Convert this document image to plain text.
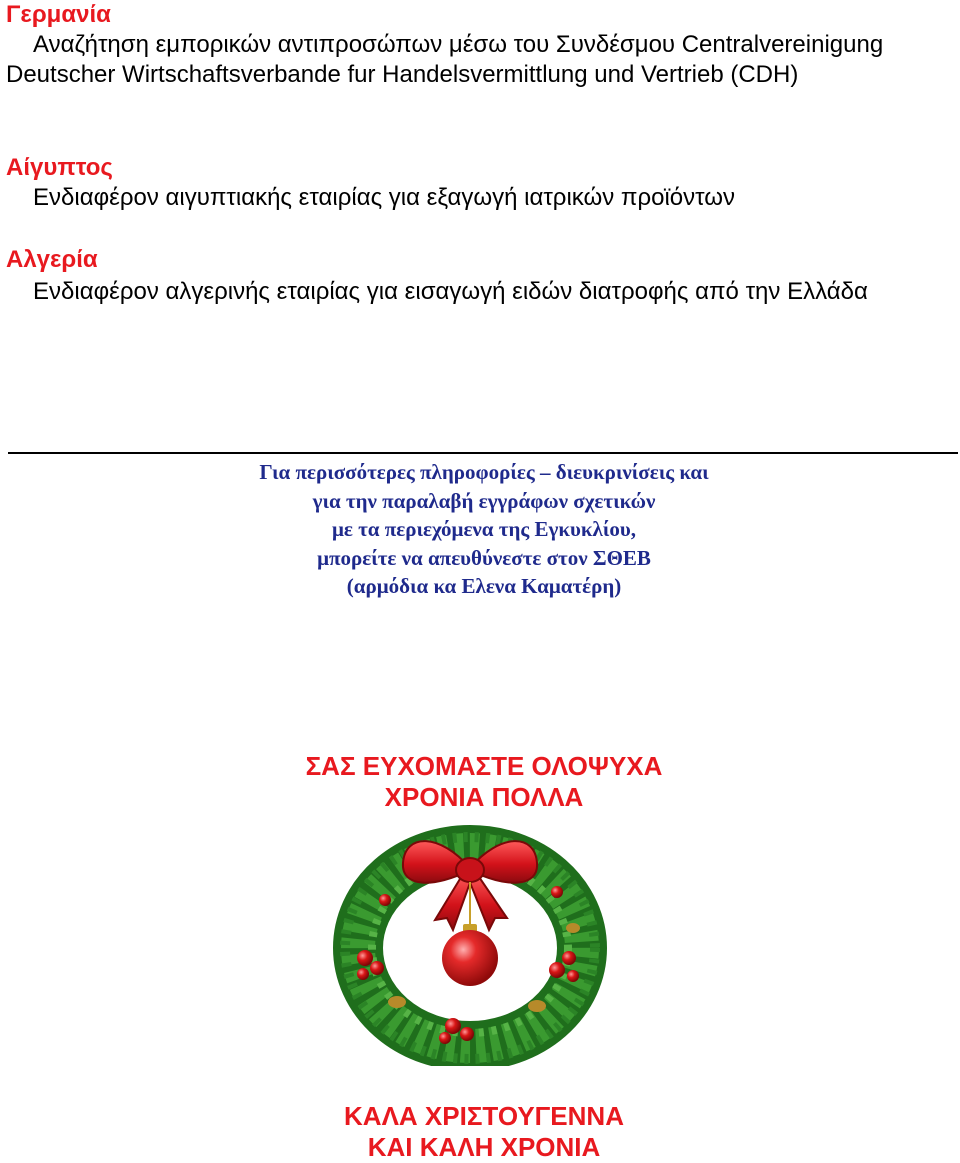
Γερμανία
Αναζήτηση εμπορικών αντιπροσώπων μέσω του Συνδέσμου Centralvereinigung Deutscher Wirtschaftsverbande fur Handelsvermittlung und Vertrieb (CDH)
Αίγυπτος
Ενδιαφέρον αιγυπτιακής εταιρίας για εξαγωγή ιατρικών προϊόντων
Αλγερία
Ενδιαφέρον αλγερινής εταιρίας για εισαγωγή ειδών διατροφής από την Ελλάδα
Για περισσότερες πληροφορίες – διευκρινίσεις και
για την παραλαβή εγγράφων σχετικών
με τα περιεχόμενα της Εγκυκλίου,
μπορείτε να απευθύνεστε στον ΣΘΕΒ
(αρμόδια κα Ελενα Καματέρη)
ΣΑΣ ΕΥΧΟΜΑΣΤΕ ΟΛΟΨΥΧΑ
ΧΡΟΝΙΑ ΠΟΛΛΑ
ΚΑΛΑ ΧΡΙΣΤΟΥΓΕΝΝΑ
ΚΑΙ ΚΑΛΗ ΧΡΟΝΙΑ
